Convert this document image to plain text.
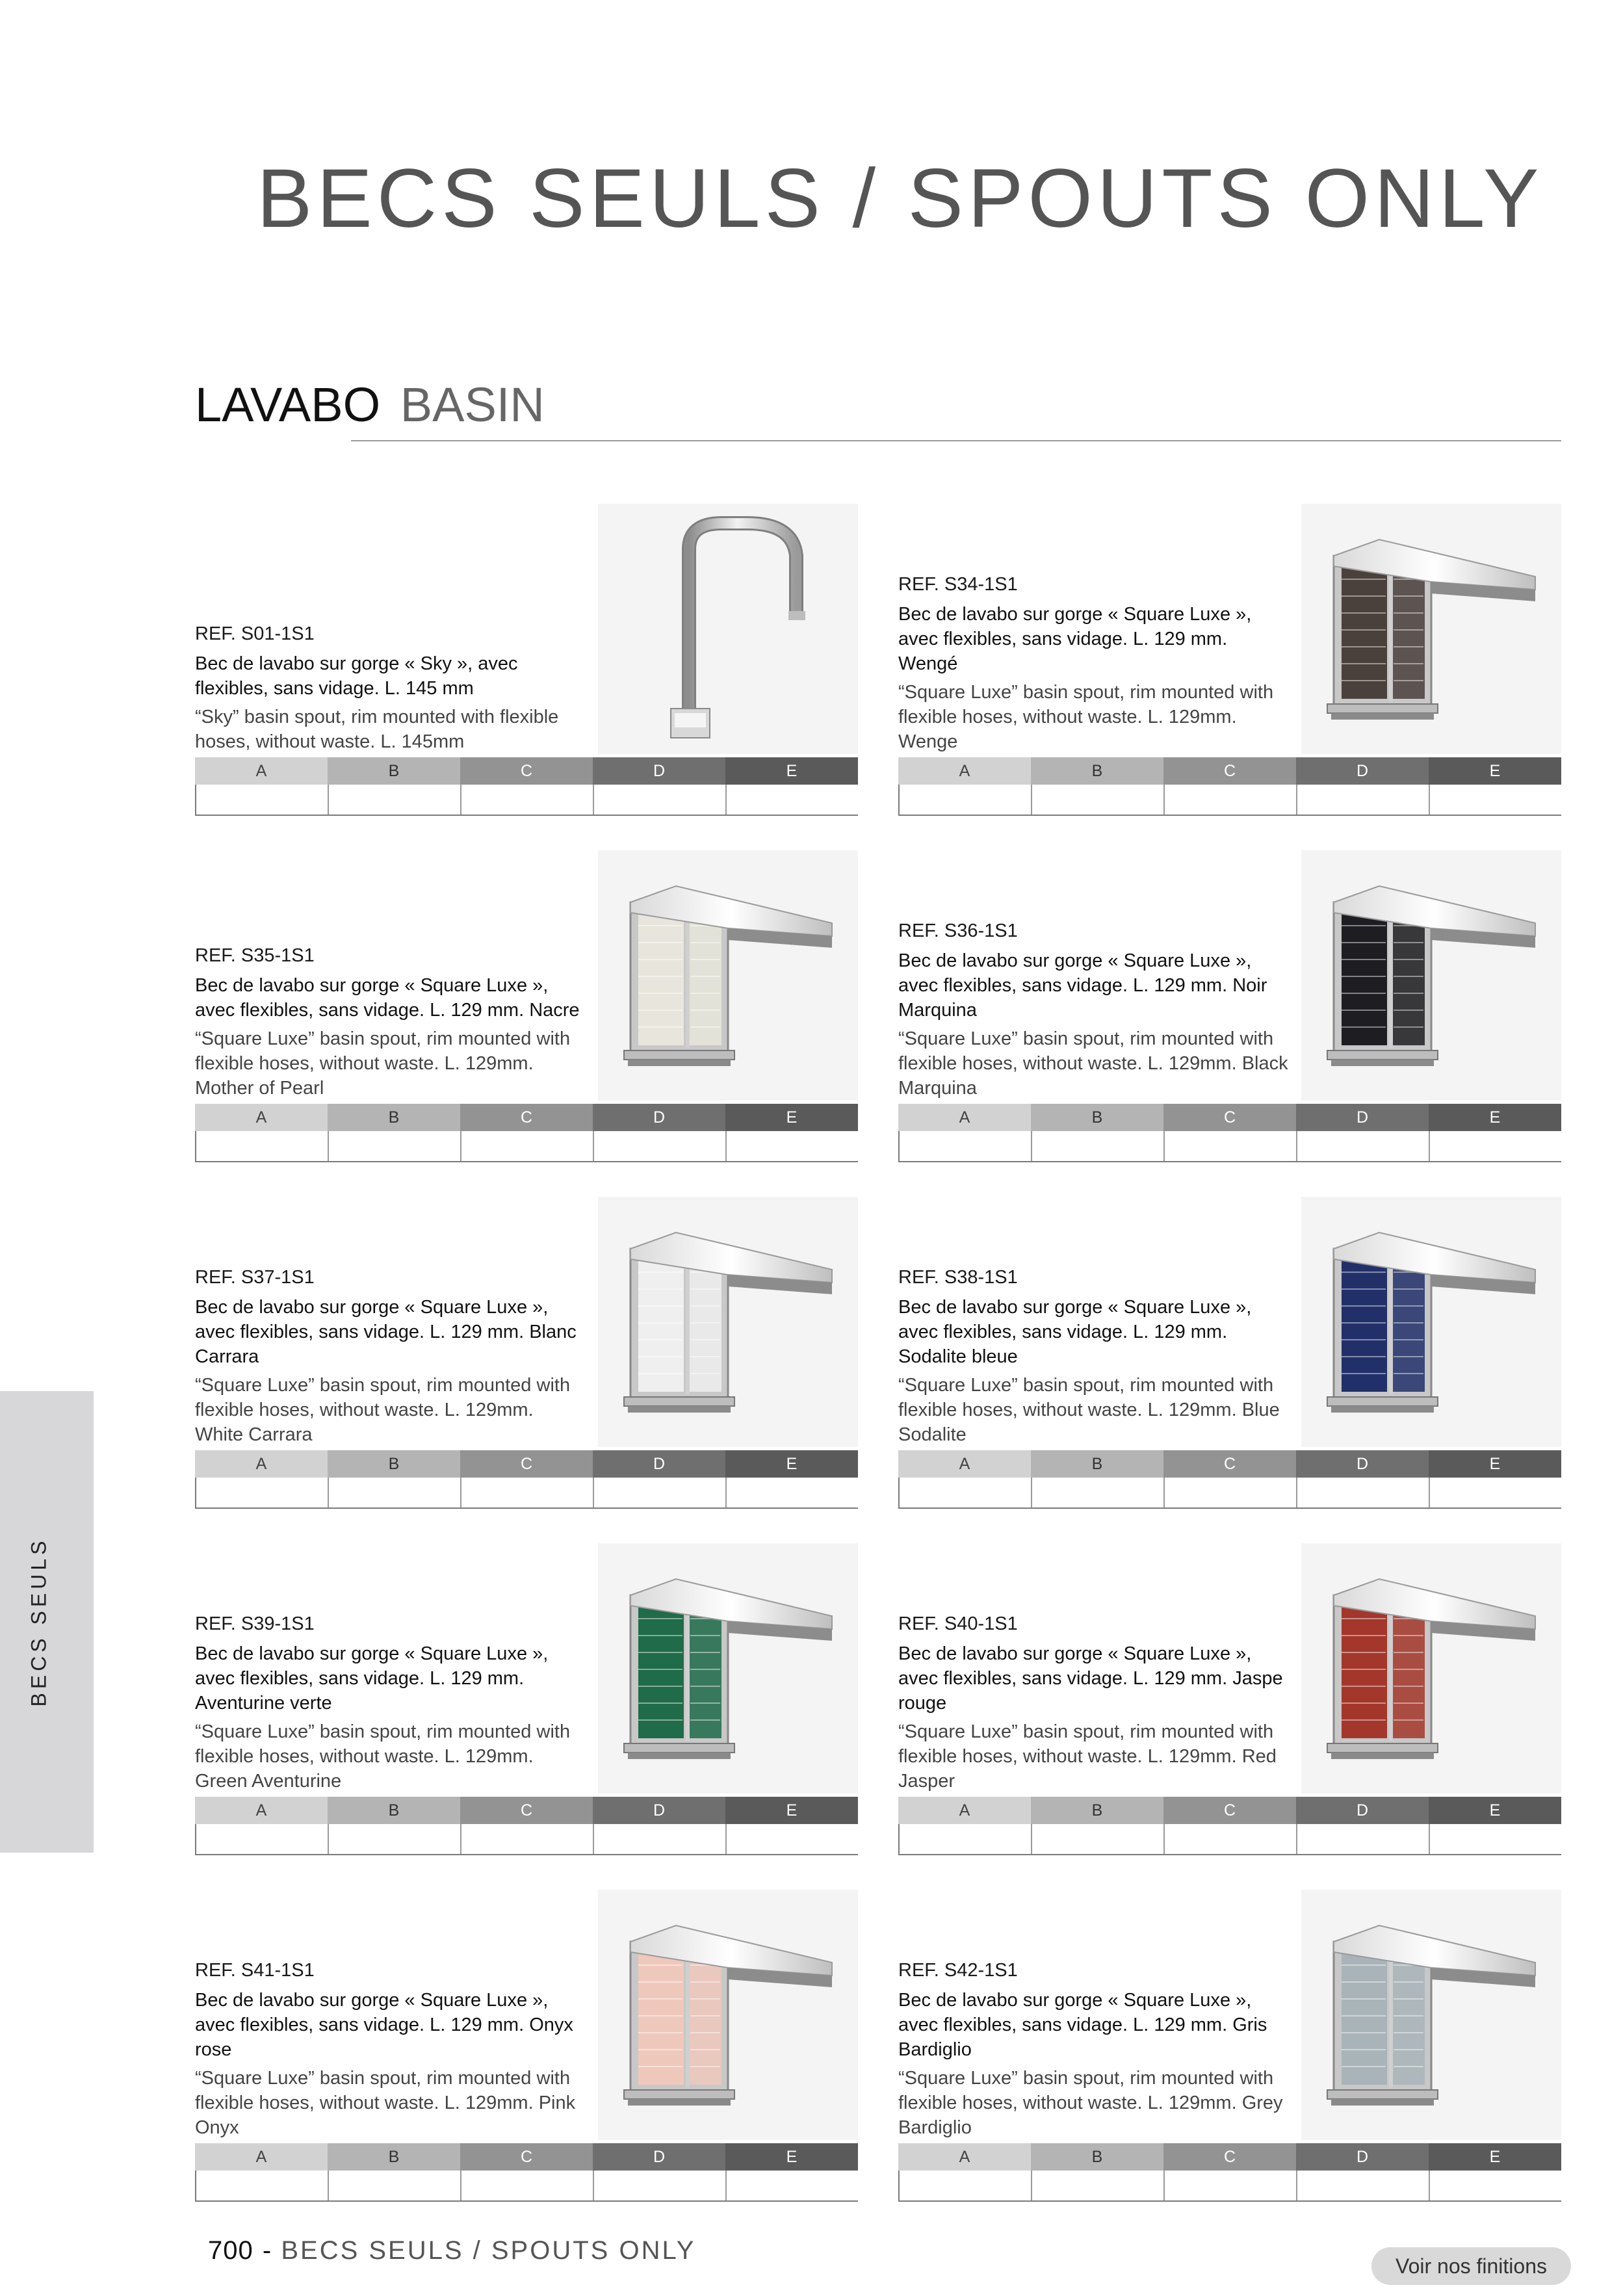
BECS SEULS / SPOUTS ONLY
LAVABO BASIN
BECS SEULS
REF. S01-1S1
Bec de lavabo sur gorge « Sky », avec flexibles, sans vidage. L. 145 mm
“Sky” basin spout, rim mounted with flexible hoses, without waste. L. 145mm
A	B	C	D	E
REF. S34-1S1
Bec de lavabo sur gorge « Square Luxe », avec flexibles, sans vidage. L. 129 mm. Wengé
“Square Luxe” basin spout, rim mounted with flexible hoses, without waste. L. 129mm. Wenge
A	B	C	D	E
REF. S35-1S1
Bec de lavabo sur gorge « Square Luxe », avec flexibles, sans vidage. L. 129 mm. Nacre
“Square Luxe” basin spout, rim mounted with flexible hoses, without waste. L. 129mm. Mother of Pearl
A	B	C	D	E
REF. S36-1S1
Bec de lavabo sur gorge « Square Luxe », avec flexibles, sans vidage. L. 129 mm. Noir Marquina
“Square Luxe” basin spout, rim mounted with flexible hoses, without waste. L. 129mm. Black Marquina
A	B	C	D	E
REF. S37-1S1
Bec de lavabo sur gorge « Square Luxe », avec flexibles, sans vidage. L. 129 mm. Blanc Carrara
“Square Luxe” basin spout, rim mounted with flexible hoses, without waste. L. 129mm. White Carrara
A	B	C	D	E
REF. S38-1S1
Bec de lavabo sur gorge « Square Luxe », avec flexibles, sans vidage. L. 129 mm. Sodalite bleue
“Square Luxe” basin spout, rim mounted with flexible hoses, without waste. L. 129mm. Blue Sodalite
A	B	C	D	E
REF. S39-1S1
Bec de lavabo sur gorge « Square Luxe », avec flexibles, sans vidage. L. 129 mm. Aventurine verte
“Square Luxe” basin spout, rim mounted with flexible hoses, without waste. L. 129mm. Green Aventurine
A	B	C	D	E
REF. S40-1S1
Bec de lavabo sur gorge « Square Luxe », avec flexibles, sans vidage. L. 129 mm. Jaspe rouge
“Square Luxe” basin spout, rim mounted with flexible hoses, without waste. L. 129mm. Red Jasper
A	B	C	D	E
REF. S41-1S1
Bec de lavabo sur gorge « Square Luxe », avec flexibles, sans vidage. L. 129 mm. Onyx rose
“Square Luxe” basin spout, rim mounted with flexible hoses, without waste. L. 129mm. Pink Onyx
A	B	C	D	E
REF. S42-1S1
Bec de lavabo sur gorge « Square Luxe », avec flexibles, sans vidage. L. 129 mm. Gris Bardiglio
“Square Luxe” basin spout, rim mounted with flexible hoses, without waste. L. 129mm. Grey Bardiglio
A	B	C	D	E
700 - BECS SEULS / SPOUTS ONLY
Voir nos finitions
